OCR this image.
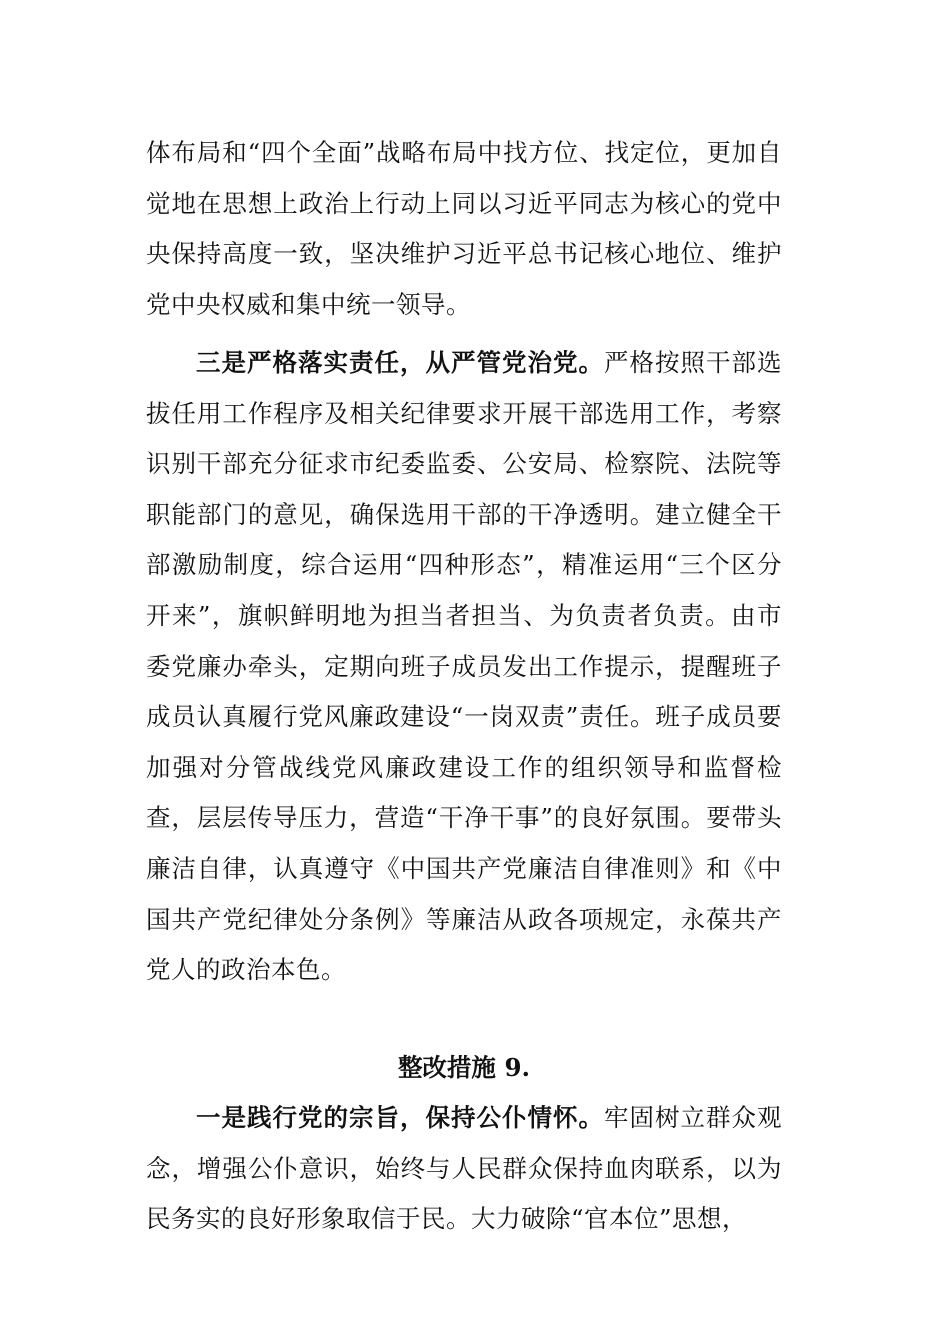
体布局和“四个全面”战略布局中找方位、找定位，更加自觉地在思想上政治上行动上同以习近平同志为核心的党中央保持高度一致，坚决维护习近平总书记核心地位、维护党中央权威和集中统一领导。

三是严格落实责任，从严管党治党。严格按照干部选拔任用工作程序及相关纪律要求开展干部选用工作，考察识别干部充分征求市纪委监委、公安局、检察院、法院等职能部门的意见，确保选用干部的干净透明。建立健全干部激励制度，综合运用“四种形态”，精准运用“三个区分开来”，旗帜鲜明地为担当者担当、为负责者负责。由市委党廉办牵头，定期向班子成员发出工作提示，提醒班子成员认真履行党风廉政建设“一岗双责”责任。班子成员要加强对分管战线党风廉政建设工作的组织领导和监督检查，层层传导压力，营造“干净干事”的良好氛围。要带头廉洁自律，认真遵守《中国共产党廉洁自律准则》和《中国共产党纪律处分条例》等廉洁从政各项规定，永葆共产党人的政治本色。

整改措施 9.

一是践行党的宗旨，保持公仆情怀。牢固树立群众观念，增强公仆意识，始终与人民群众保持血肉联系，以为民务实的良好形象取信于民。大力破除“官本位”思想，
